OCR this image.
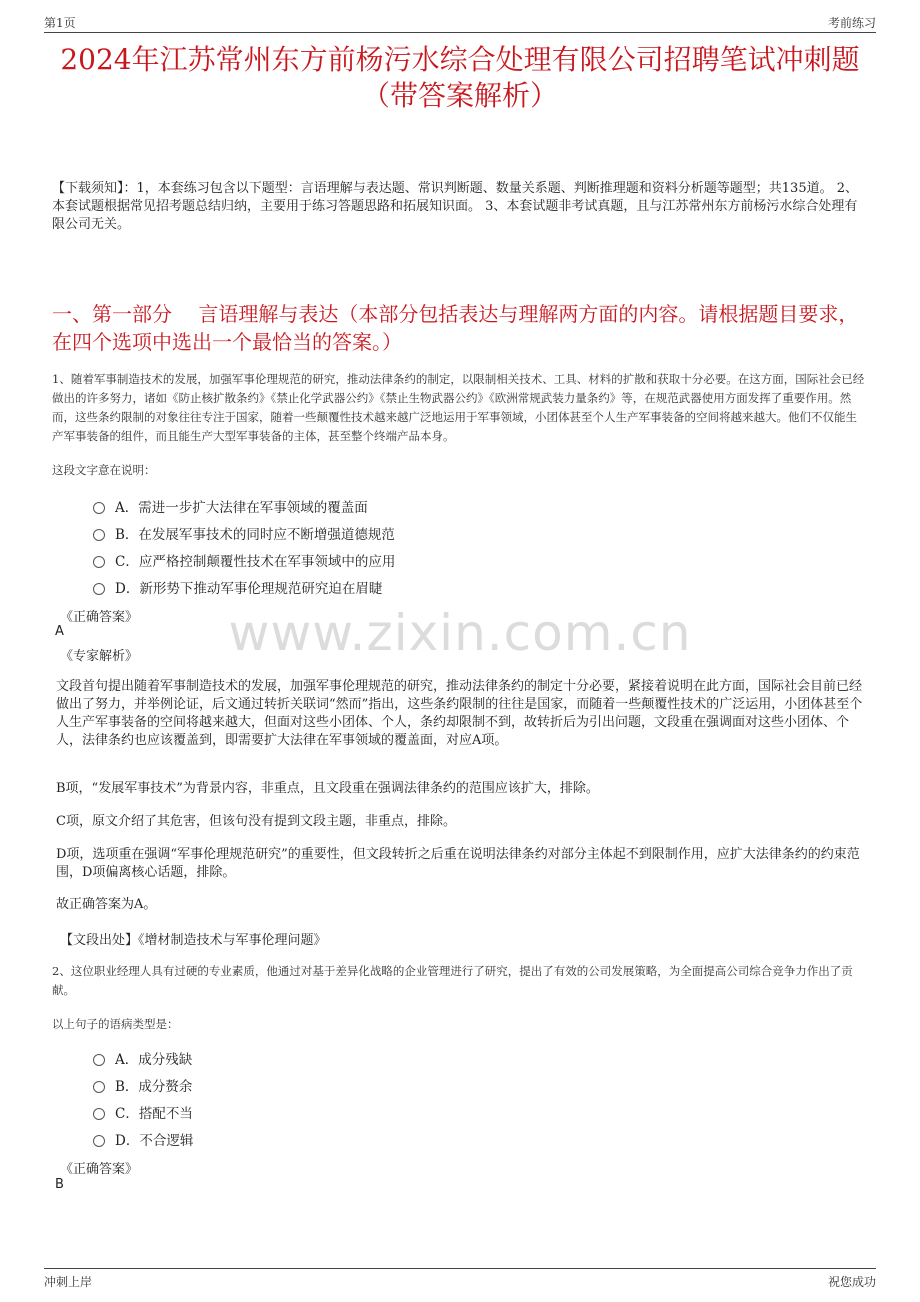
第1页	考前练习
2024年江苏常州东方前杨污水综合处理有限公司招聘笔试冲刺题（带答案解析）
【下载须知】：1，本套练习包含以下题型：言语理解与表达题、常识判断题、数量关系题、判断推理题和资料分析题等题型；共135道。 2、本套试题根据常见招考题总结归纳，主要用于练习答题思路和拓展知识面。 3、本套试题非考试真题，且与江苏常州东方前杨污水综合处理有限公司无关。
一、第一部分　 言语理解与表达（本部分包括表达与理解两方面的内容。请根据题目要求，在四个选项中选出一个最恰当的答案。）
1、随着军事制造技术的发展，加强军事伦理规范的研究，推动法律条约的制定，以限制相关技术、工具、材料的扩散和获取十分必要。在这方面，国际社会已经做出的许多努力，诸如《防止核扩散条约》《禁止化学武器公约》《禁止生物武器公约》《欧洲常规武装力量条约》等，在规范武器使用方面发挥了重要作用。然而，这些条约限制的对象往往专注于国家，随着一些颠覆性技术越来越广泛地运用于军事领域，小团体甚至个人生产军事装备的空间将越来越大。他们不仅能生产军事装备的组件，而且能生产大型军事装备的主体，甚至整个终端产品本身。
这段文字意在说明：
A．需进一步扩大法律在军事领域的覆盖面
B．在发展军事技术的同时应不断增强道德规范
C．应严格控制颠覆性技术在军事领域中的应用
D．新形势下推动军事伦理规范研究迫在眉睫
《正确答案》
A
《专家解析》	www.zixin.com.cn
文段首句提出随着军事制造技术的发展，加强军事伦理规范的研究，推动法律条约的制定十分必要，紧接着说明在此方面，国际社会目前已经做出了努力，并举例论证，后文通过转折关联词“然而”指出，这些条约限制的往往是国家，而随着一些颠覆性技术的广泛运用，小团体甚至个人生产军事装备的空间将越来越大，但面对这些小团体、个人，条约却限制不到，故转折后为引出问题，文段重在强调面对这些小团体、个人，法律条约也应该覆盖到，即需要扩大法律在军事领域的覆盖面，对应A项。
B项，“发展军事技术”为背景内容，非重点，且文段重在强调法律条约的范围应该扩大，排除。
C项，原文介绍了其危害，但该句没有提到文段主题，非重点，排除。
D项，选项重在强调“军事伦理规范研究”的重要性，但文段转折之后重在说明法律条约对部分主体起不到限制作用，应扩大法律条约的约束范围，D项偏离核心话题，排除。
故正确答案为A。
【文段出处】《增材制造技术与军事伦理问题》
2、这位职业经理人具有过硬的专业素质，他通过对基于差异化战略的企业管理进行了研究，提出了有效的公司发展策略，为全面提高公司综合竞争力作出了贡献。
以上句子的语病类型是：
A．成分残缺
B．成分赘余
C．搭配不当
D．不合逻辑
《正确答案》
B
冲刺上岸	祝您成功
